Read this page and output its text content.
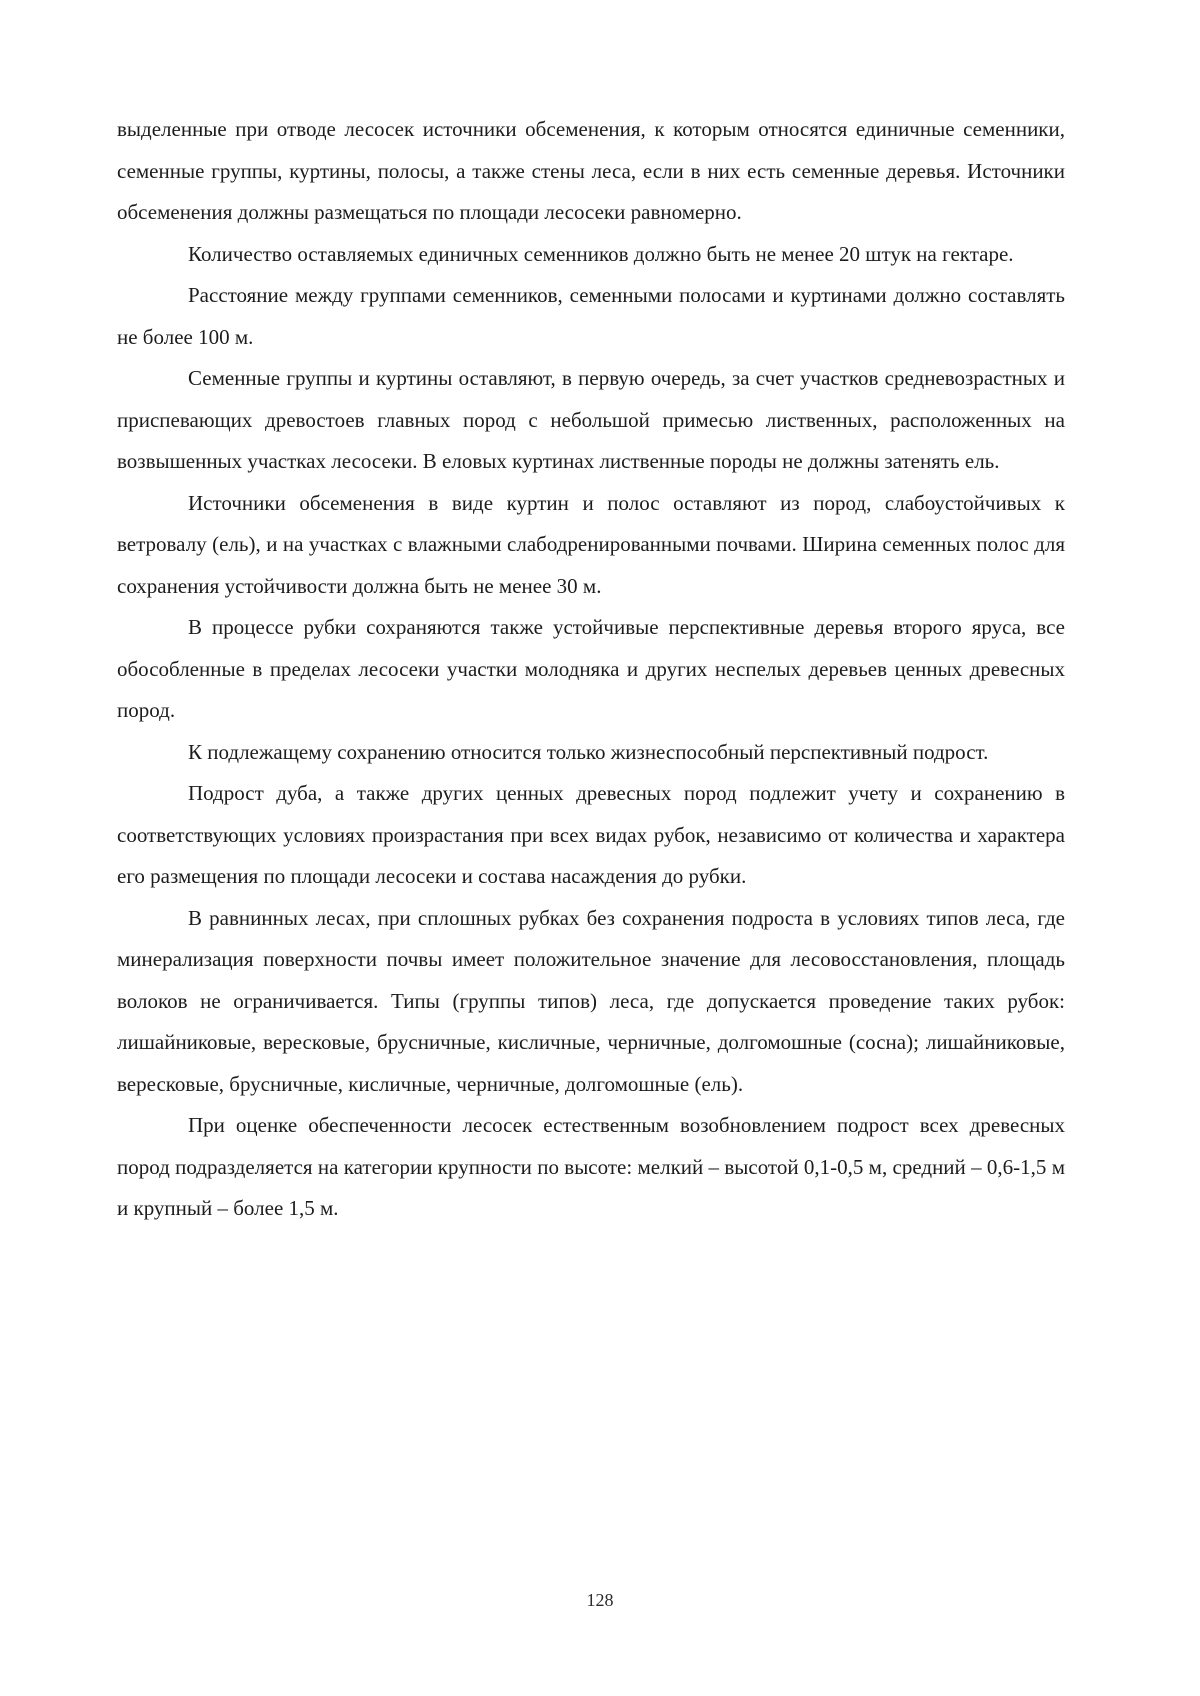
выделенные при отводе лесосек источники обсеменения, к которым относятся единичные семенники, семенные группы, куртины, полосы, а также стены леса, если в них есть семенные деревья. Источники обсеменения должны размещаться по площади лесосеки равномерно.

Количество оставляемых единичных семенников должно быть не менее 20 штук на гектаре.

Расстояние между группами семенников, семенными полосами и куртинами должно составлять не более 100 м.

Семенные группы и куртины оставляют, в первую очередь, за счет участков средневозрастных и приспевающих древостоев главных пород с небольшой примесью лиственных, расположенных на возвышенных участках лесосеки. В еловых куртинах лиственные породы не должны затенять ель.

Источники обсеменения в виде куртин и полос оставляют из пород, слабоустойчивых к ветровалу (ель), и на участках с влажными слабодренированными почвами. Ширина семенных полос для сохранения устойчивости должна быть не менее 30 м.

В процессе рубки сохраняются также устойчивые перспективные деревья второго яруса, все обособленные в пределах лесосеки участки молодняка и других неспелых деревьев ценных древесных пород.

К подлежащему сохранению относится только жизнеспособный перспективный подрост.

Подрост дуба, а также других ценных древесных пород подлежит учету и сохранению в соответствующих условиях произрастания при всех видах рубок, независимо от количества и характера его размещения по площади лесосеки и состава насаждения до рубки.

В равнинных лесах, при сплошных рубках без сохранения подроста в условиях типов леса, где минерализация поверхности почвы имеет положительное значение для лесовосстановления, площадь волоков не ограничивается. Типы (группы типов) леса, где допускается проведение таких рубок: лишайниковые, вересковые, брусничные, кисличные, черничные, долгомошные (сосна); лишайниковые, вересковые, брусничные, кисличные, черничные, долгомошные (ель).

При оценке обеспеченности лесосек естественным возобновлением подрост всех древесных пород подразделяется на категории крупности по высоте: мелкий – высотой 0,1-0,5 м, средний – 0,6-1,5 м и крупный – более 1,5 м.

128
